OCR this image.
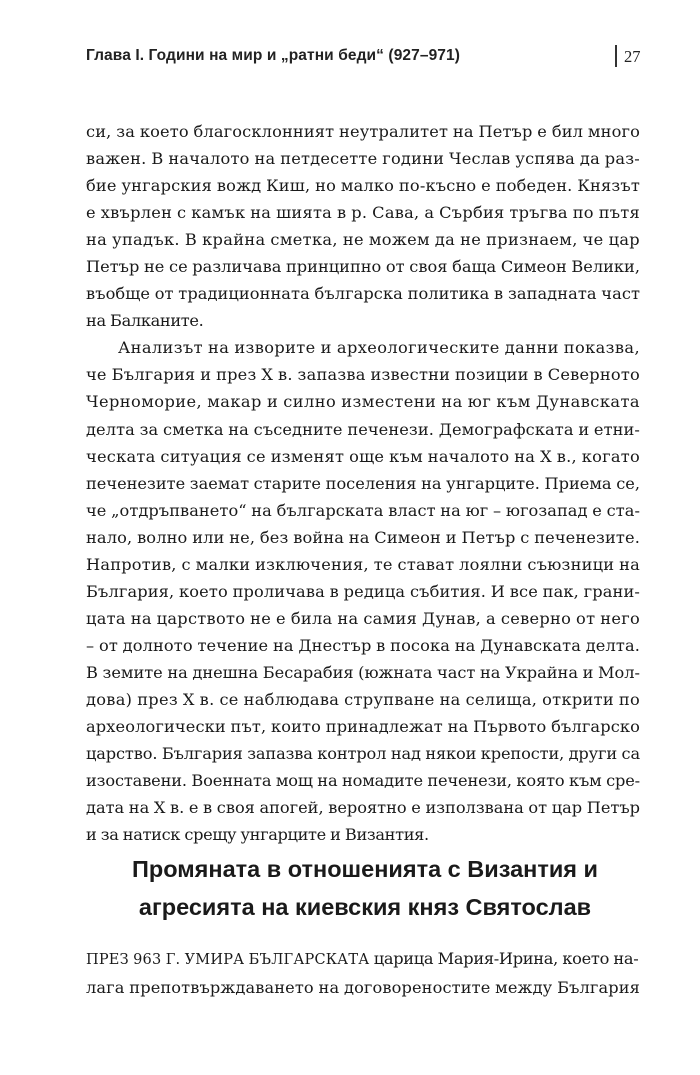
Глава I. Години на мир и „ратни беди“ (927–971)	27
си, за което благосклонният неутралитет на Петър е бил много
важен. В началото на петдесетте години Чеслав успява да раз-
бие унгарския вожд Киш, но малко по-късно е победен. Князът
е хвърлен с камък на шията в р. Сава, а Сърбия тръгва по пътя
на упадък. В крайна сметка, не можем да не признаем, че цар
Петър не се различава принципно от своя баща Симеон Велики,
въобще от традиционната българска политика в западната част
на Балканите.
Анализът на изворите и археологическите данни показва,
че България и през X в. запазва известни позиции в Северното
Черноморие, макар и силно изместени на юг към Дунавската
делта за сметка на съседните печенези. Демографската и етни-
ческата ситуация се изменят още към началото на X в., когато
печенезите заемат старите поселения на унгарците. Приема се,
че „отдръпването“ на българската власт на юг – югозапад е ста-
нало, волно или не, без война на Симеон и Петър с печенезите.
Напротив, с малки изключения, те стават лоялни съюзници на
България, което проличава в редица събития. И все пак, грани-
цата на царството не е била на самия Дунав, а северно от него
– от долното течение на Днестър в посока на Дунавската делта.
В земите на днешна Бесарабия (южната част на Украйна и Мол-
дова) през X в. се наблюдава струпване на селища, открити по
археологически път, които принадлежат на Първото българско
царство. България запазва контрол над някои крепости, други са
изоставени. Военната мощ на номадите печенези, която към сре-
дата на X в. е в своя апогей, вероятно е използвана от цар Петър
и за натиск срещу унгарците и Византия.
Промяната в отношенията с Византия и
агресията на киевския княз Святослав
ПРЕЗ 963 Г. УМИРА БЪЛГАРСКАТА царица Мария-Ирина, което на-
лага препотвърждаването на договореностите между България
